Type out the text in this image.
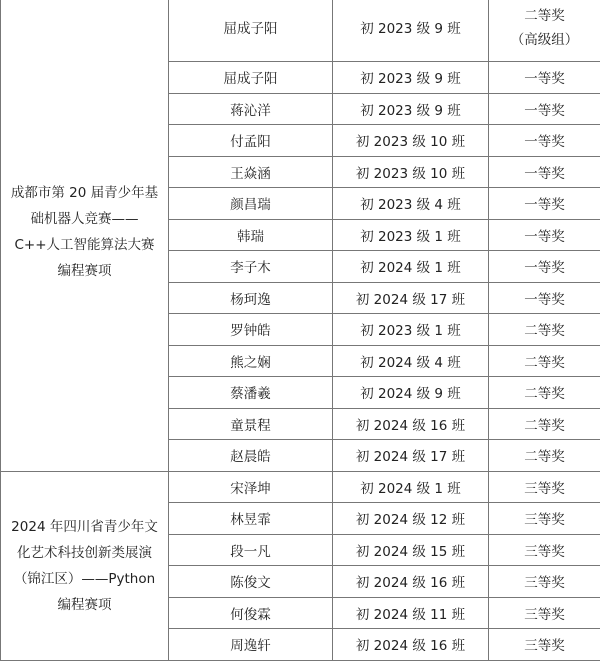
成都市第 20 届青少年基础机器人竞赛——C++人工智能算法大赛编程赛项	屈成子阳	初 2023 级 9 班	二等奖
（高级组）

	屈成子阳	初 2023 级 9 班	一等奖
	蒋沁洋	初 2023 级 9 班	一等奖
	付孟阳	初 2023 级 10 班	一等奖
	王焱涵	初 2023 级 10 班	一等奖
	颜昌瑞	初 2023 级 4 班	一等奖
	韩瑞	初 2023 级 1 班	一等奖
	李子木	初 2024 级 1 班	一等奖
	杨珂逸	初 2024 级 17 班	一等奖
	罗钟皓	初 2023 级 1 班	二等奖
	熊之娴	初 2024 级 4 班	二等奖
	蔡潘羲	初 2024 级 9 班	二等奖
	童景程	初 2024 级 16 班	二等奖
	赵晨皓	初 2024 级 17 班	二等奖
2024 年四川省青少年文化艺术科技创新类展演（锦江区）——Python 编程赛项	宋泽坤	初 2024 级 1 班	三等奖
	林昱霏	初 2024 级 12 班	三等奖
	段一凡	初 2024 级 15 班	三等奖
	陈俊文	初 2024 级 16 班	三等奖
	何俊霖	初 2024 级 11 班	三等奖
	周逸轩	初 2024 级 16 班	三等奖
